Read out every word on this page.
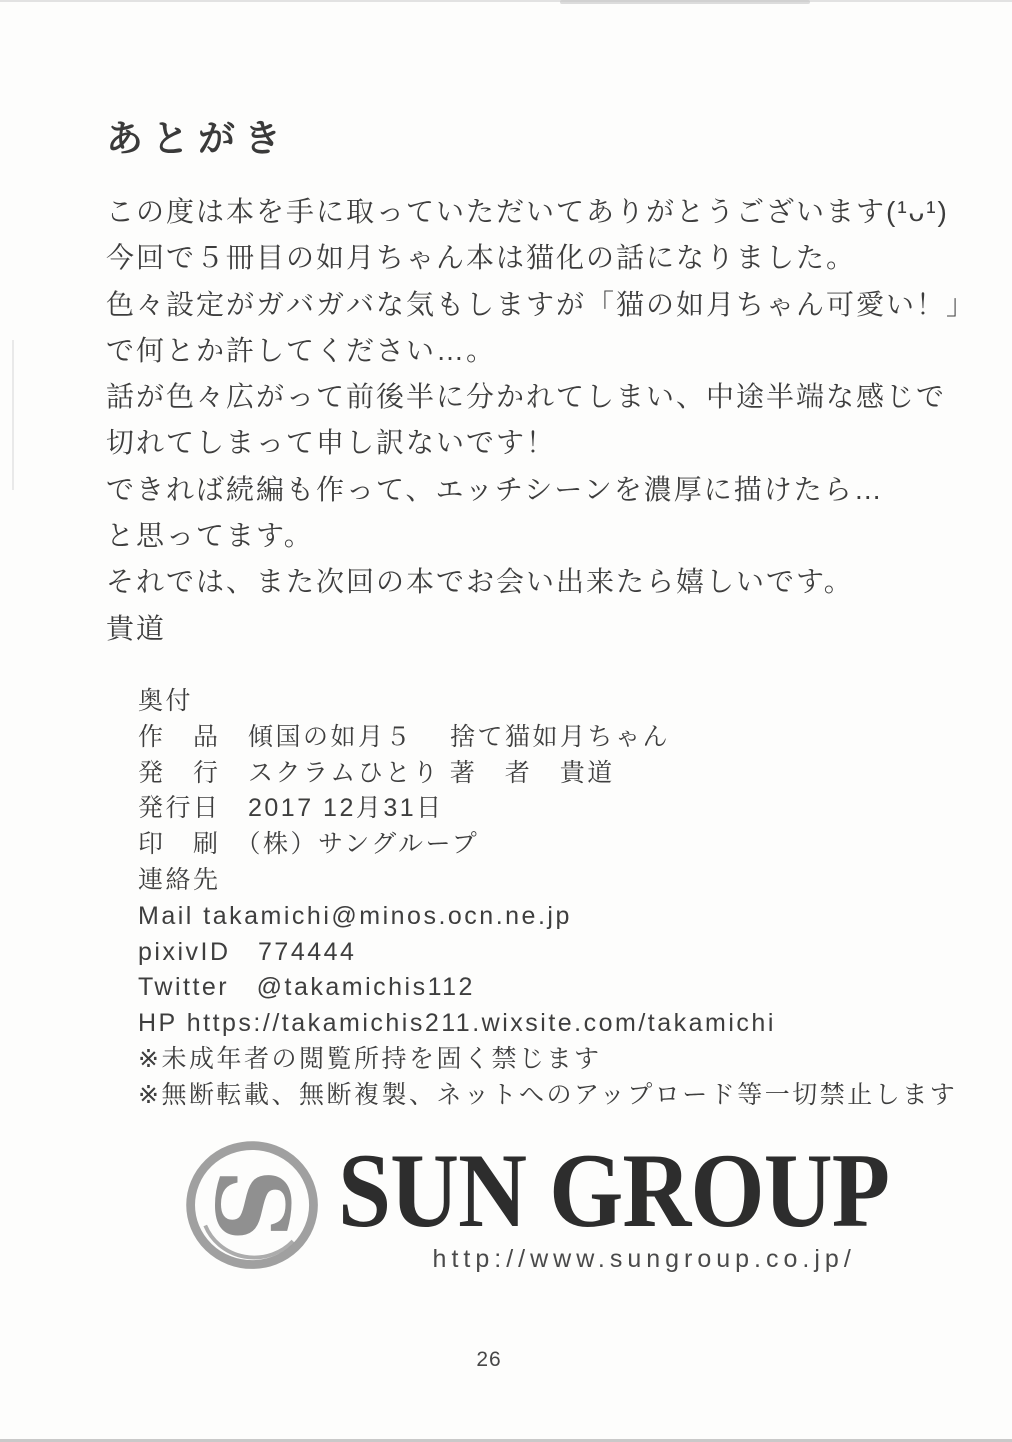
あとがき
この度は本を手に取っていただいてありがとうございます(¹ᴗ¹)
今回で５冊目の如月ちゃん本は猫化の話になりました。
色々設定がガバガバな気もしますが「猫の如月ちゃん可愛い！」
で何とか許してください…。
話が色々広がって前後半に分かれてしまい、中途半端な感じで
切れてしまって申し訳ないです！
できれば続編も作って、エッチシーンを濃厚に描けたら…
と思ってます。
それでは、また次回の本でお会い出来たら嬉しいです。
貴道
奥付
作　品　傾国の如月５　 捨て猫如月ちゃん
発　行　スクラムひとり 著　者　貴道
発行日　2017 12月31日
印　刷　（株）サングループ
連絡先
Mail takamichi@minos.ocn.ne.jp
pixivID　774444
Twitter　@takamichis112
HP https://takamichis211.wixsite.com/takamichi
※未成年者の閲覧所持を固く禁じます
※無断転載、無断複製、ネットへのアップロード等一切禁止します
S SUN GROUP
http://www.sungroup.co.jp/
26
